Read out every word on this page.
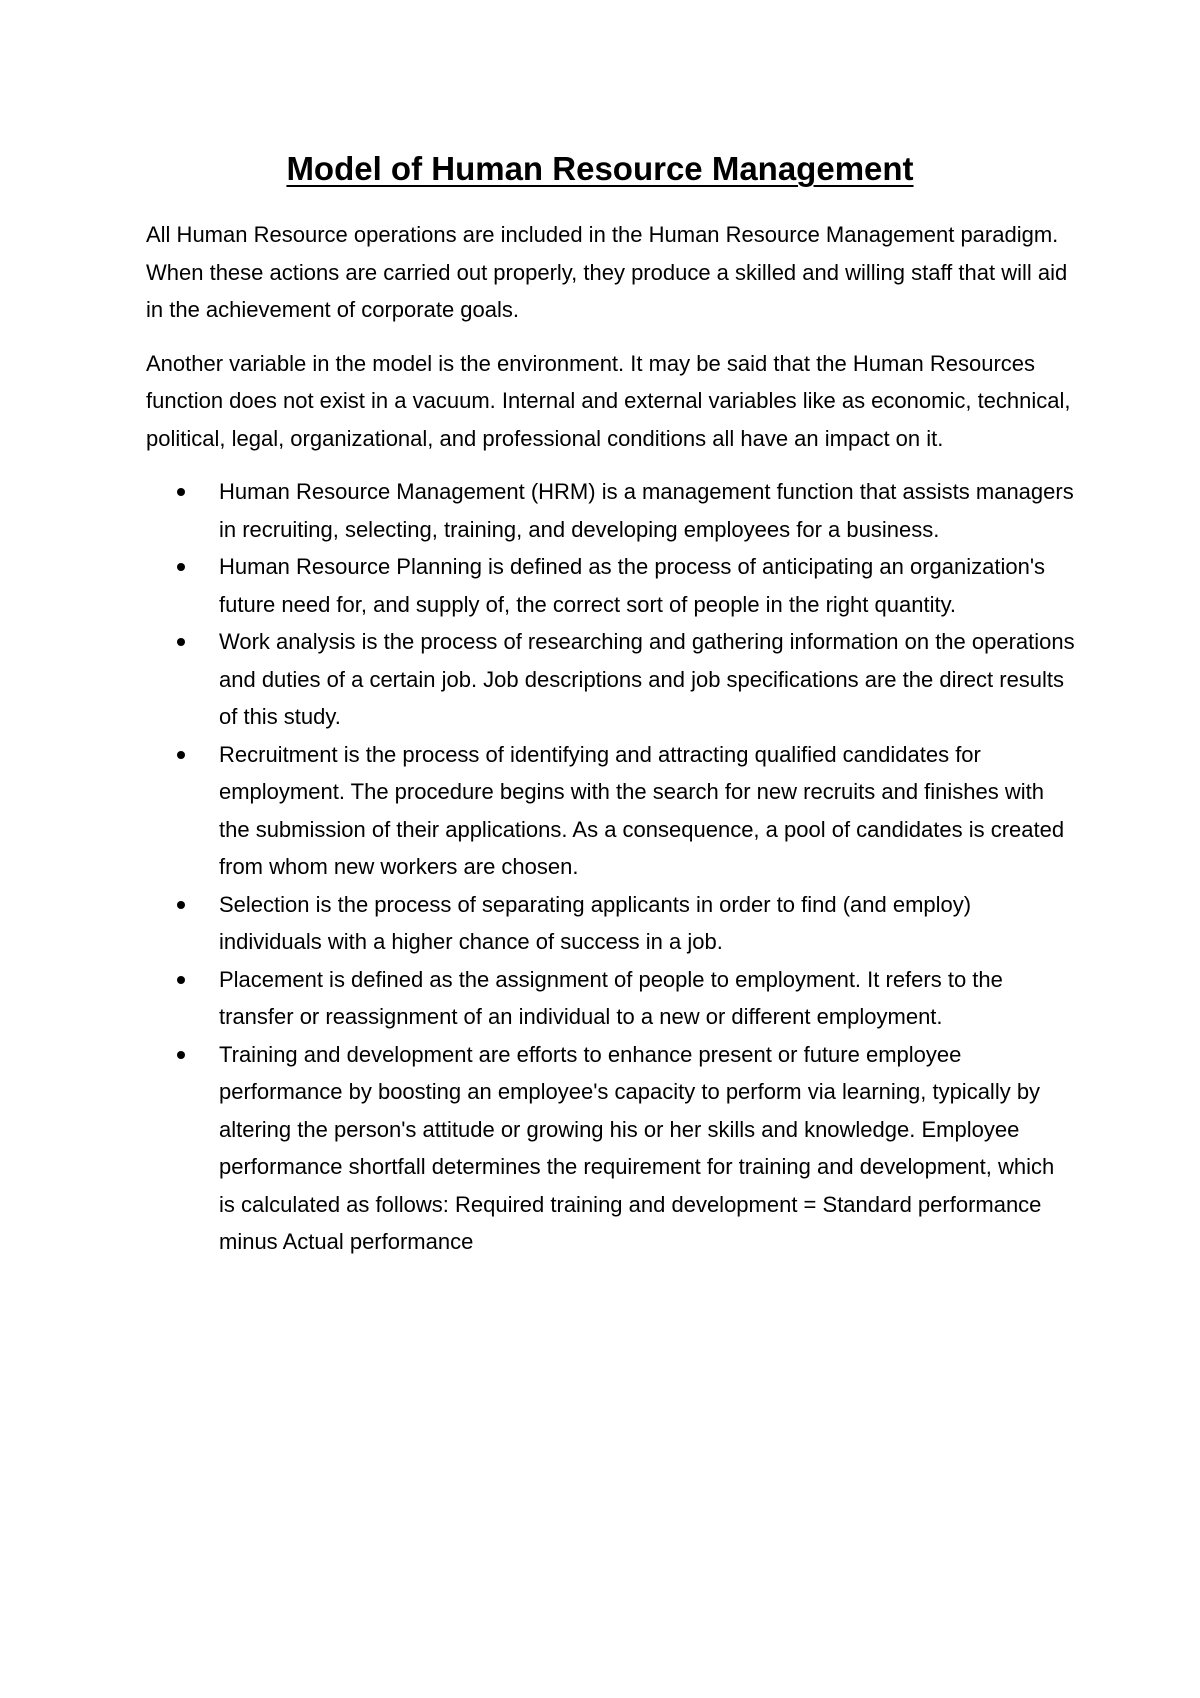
Model of Human Resource Management

All Human Resource operations are included in the Human Resource Management paradigm. When these actions are carried out properly, they produce a skilled and willing staff that will aid in the achievement of corporate goals.

Another variable in the model is the environment. It may be said that the Human Resources function does not exist in a vacuum. Internal and external variables like as economic, technical, political, legal, organizational, and professional conditions all have an impact on it.

Human Resource Management (HRM) is a management function that assists managers in recruiting, selecting, training, and developing employees for a business.
Human Resource Planning is defined as the process of anticipating an organization's future need for, and supply of, the correct sort of people in the right quantity.
Work analysis is the process of researching and gathering information on the operations and duties of a certain job. Job descriptions and job specifications are the direct results of this study.
Recruitment is the process of identifying and attracting qualified candidates for employment. The procedure begins with the search for new recruits and finishes with the submission of their applications. As a consequence, a pool of candidates is created from whom new workers are chosen.
Selection is the process of separating applicants in order to find (and employ) individuals with a higher chance of success in a job.
Placement is defined as the assignment of people to employment. It refers to the transfer or reassignment of an individual to a new or different employment.
Training and development are efforts to enhance present or future employee performance by boosting an employee's capacity to perform via learning, typically by altering the person's attitude or growing his or her skills and knowledge. Employee performance shortfall determines the requirement for training and development, which is calculated as follows: Required training and development = Standard performance minus Actual performance
